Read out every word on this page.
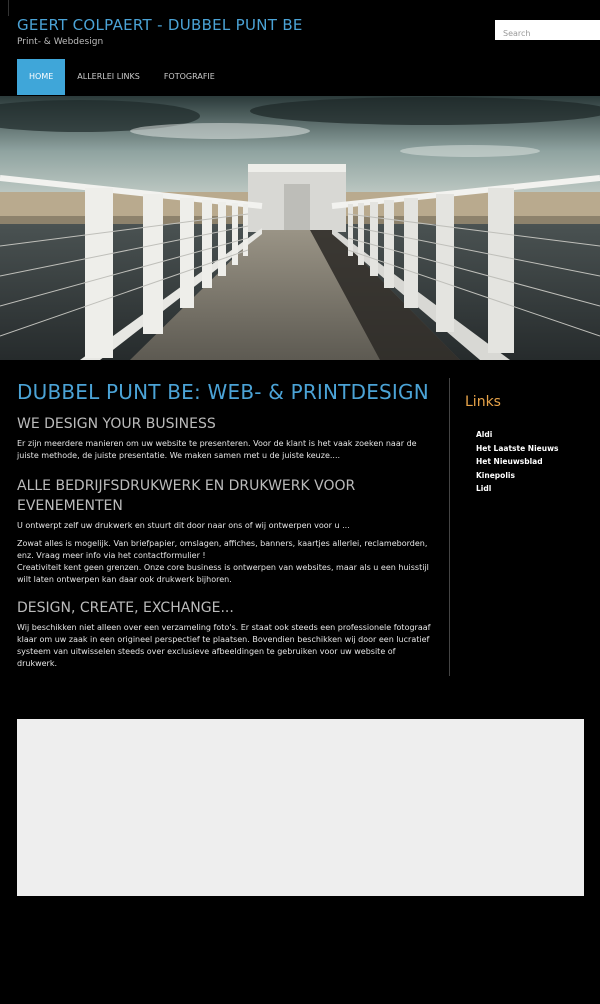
GEERT COLPAERT - DUBBEL PUNT BE
Print- & Webdesign
Search
HOME	ALLERLEI LINKS	FOTOGRAFIE
DUBBEL PUNT BE: WEB- & PRINTDESIGN
WE DESIGN YOUR BUSINESS

Er zijn meerdere manieren om uw website te presenteren. Voor de klant is het vaak zoeken naar de juiste methode, de juiste presentatie. We maken samen met u de juiste keuze....

ALLE BEDRIJFSDRUKWERK EN DRUKWERK VOOR EVENEMENTEN

U ontwerpt zelf uw drukwerk en stuurt dit door naar ons of wij ontwerpen voor u ...

Zowat alles is mogelijk. Van briefpapier, omslagen, affiches, banners, kaartjes allerlei, reclameborden, enz. Vraag meer info via het contactformulier !

Creativiteit kent geen grenzen. Onze core business is ontwerpen van websites, maar als u een huisstijl wilt laten ontwerpen kan daar ook drukwerk bijhoren.

DESIGN, CREATE, EXCHANGE...

Wij beschikken niet alleen over een verzameling foto's. Er staat ook steeds een professionele fotograaf klaar om uw zaak in een origineel perspectief te plaatsen. Bovendien beschikken wij door een lucratief systeem van uitwisselen steeds over exclusieve afbeeldingen te gebruiken voor uw website of drukwerk.

Links
Aldi
Het Laatste Nieuws
Het Nieuwsblad
Kinepolis
Lidl
